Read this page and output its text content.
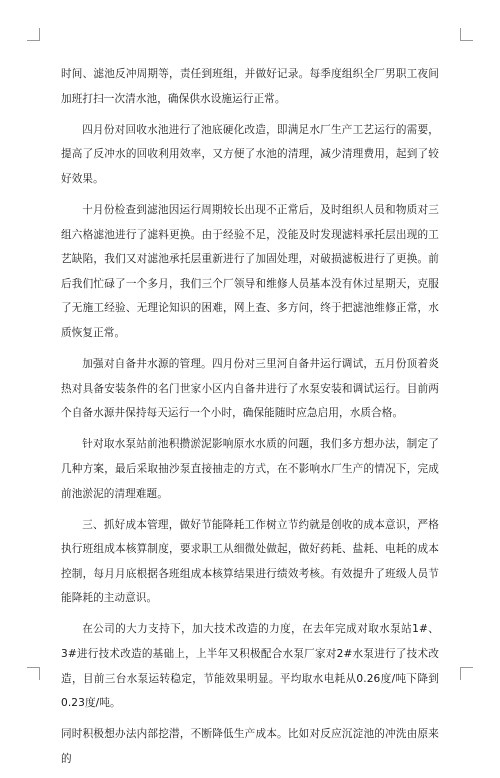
时间、滤池反冲周期等，责任到班组，并做好记录。每季度组织全厂男职工夜间加班打扫一次清水池，确保供水设施运行正常。

四月份对回收水池进行了池底硬化改造，即满足水厂生产工艺运行的需要，提高了反冲水的回收利用效率，又方便了水池的清理，减少清理费用，起到了较好效果。

十月份检查到滤池因运行周期较长出现不正常后，及时组织人员和物质对三组六格滤池进行了滤料更换。由于经验不足，没能及时发现滤料承托层出现的工艺缺陷，我们又对滤池承托层重新进行了加固处理，对破损滤板进行了更换。前后我们忙碌了一个多月，我们三个厂领导和维修人员基本没有休过星期天，克服了无施工经验、无理论知识的困难，网上查、多方问，终于把滤池维修正常，水质恢复正常。

加强对自备井水源的管理。四月份对三里河自备井运行调试，五月份顶着炎热对具备安装条件的名门世家小区内自备井进行了水泵安装和调试运行。目前两个自备水源井保持每天运行一个小时，确保能随时应急启用，水质合格。

针对取水泵站前池积攒淤泥影响原水水质的问题，我们多方想办法，制定了几种方案，最后采取抽沙泵直接抽走的方式，在不影响水厂生产的情况下，完成前池淤泥的清理难题。

三、抓好成本管理，做好节能降耗工作树立节约就是创收的成本意识，严格执行班组成本核算制度，要求职工从细微处做起，做好药耗、盐耗、电耗的成本控制，每月月底根据各班组成本核算结果进行绩效考核。有效提升了班级人员节能降耗的主动意识。

在公司的大力支持下，加大技术改造的力度，在去年完成对取水泵站1#、3#进行技术改造的基础上，上半年又积极配合水泵厂家对2#水泵进行了技术改造，目前三台水泵运转稳定，节能效果明显。平均取水电耗从0.26度/吨下降到0.23度/吨。

同时积极想办法内部挖潜，不断降低生产成本。比如对反应沉淀池的冲洗由原来的
